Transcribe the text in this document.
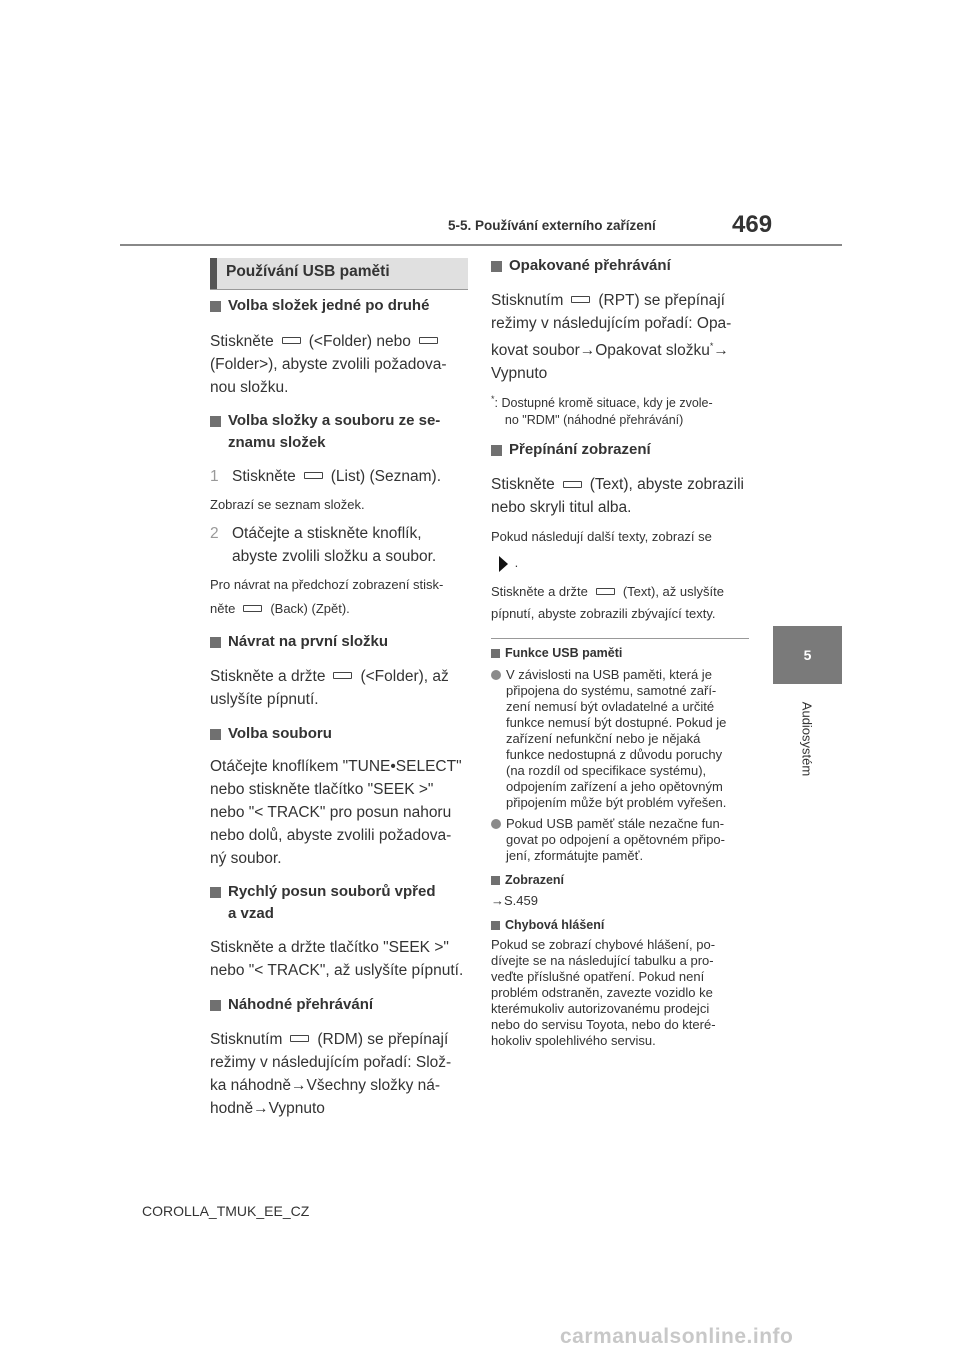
5-5. Používání externího zařízení	469
5
Audiosystém
Používání USB paměti

Volba složek jedné po druhé

Stiskněte (<Folder) nebo

(Folder>), abyste zvolili požadova-

nou složku.

Volba složky a souboru ze se-
znamu složek

1 Stiskněte (List) (Seznam).

Zobrazí se seznam složek.

2 Otáčejte a stiskněte knoflík,
abyste zvolili složku a soubor.

Pro návrat na předchozí zobrazení stisk-

něte	(Back) (Zpět).

Návrat na první složku

Stiskněte a držte (<Folder), až

uslyšíte pípnutí.

Volba souboru

Otáčejte knoflíkem "TUNE•SELECT"

nebo stiskněte tlačítko "SEEK >"

nebo "< TRACK" pro posun nahoru

nebo dolů, abyste zvolili požadova-

ný soubor.

Rychlý posun souborů vpřed
a vzad

Stiskněte a držte tlačítko "SEEK >"

nebo "< TRACK", až uslyšíte pípnutí.

Náhodné přehrávání

Stisknutím (RDM) se přepínají

režimy v následujícím pořadí: Slož-

ka náhodně→Všechny složky ná-

hodně→Vypnuto

Opakované přehrávání

Stisknutím (RPT) se přepínají

režimy v následujícím pořadí: Opa-

kovat soubor→Opakovat složku*→

Vypnuto

*: Dostupné kromě situace, kdy je zvole-
no "RDM" (náhodné přehrávání)

Přepínání zobrazení

Stiskněte (Text), abyste zobrazili

nebo skryli titul alba.

Pokud následují další texty, zobrazí se

.

Stiskněte a držte	(Text), až uslyšíte

pípnutí, abyste zobrazili zbývající texty.

Funkce USB paměti

V závislosti na USB paměti, která je
připojena do systému, samotné zaří-
zení nemusí být ovladatelné a určité
funkce nemusí být dostupné. Pokud je
zařízení nefunkční nebo je nějaká
funkce nedostupná z důvodu poruchy
(na rozdíl od specifikace systému),
odpojením zařízení a jeho opětovným
připojením může být problém vyřešen.

Pokud USB paměť stále nezačne fun-
govat po odpojení a opětovném připo-
jení, zformátujte paměť.

Zobrazení

→S.459

Chybová hlášení

Pokud se zobrazí chybové hlášení, po-
dívejte se na následující tabulku a pro-
veďte příslušné opatření. Pokud není
problém odstraněn, zavezte vozidlo ke
kterémukoliv autorizovanému prodejci
nebo do servisu Toyota, nebo do které-
hokoliv spolehlivého servisu.

COROLLA_TMUK_EE_CZ
carmanualsonline.info
